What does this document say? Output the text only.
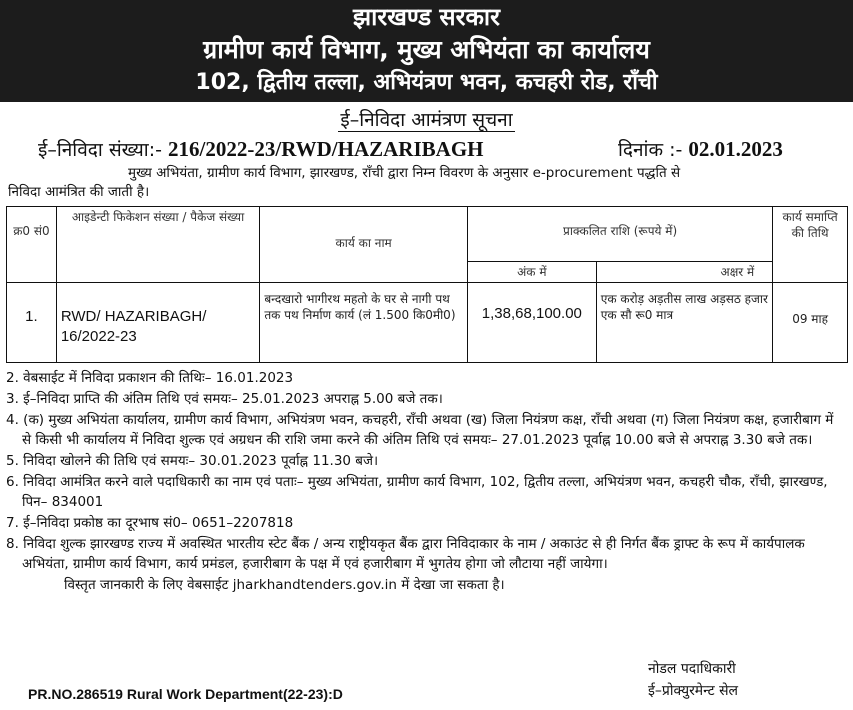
झारखण्ड सरकार
ग्रामीण कार्य विभाग, मुख्य अभियंता का कार्यालय
102, द्वितीय तल्ला, अभियंत्रण भवन, कचहरी रोड, राँची
ई–निविदा आमंत्रण सूचना
ई–निविदा संख्या:- 216/2022-23/RWD/HAZARIBAGH	दिनांक :- 02.01.2023
मुख्य अभियंता, ग्रामीण कार्य विभाग, झारखण्ड, राँची द्वारा निम्न विवरण के अनुसार e-procurement पद्धति से
निविदा आमंत्रित की जाती है।
क्र0 सं0	आइडेन्टी फिकेशन संख्या / पैकेज संख्या	कार्य का नाम	प्राक्कलित राशि (रूपये में)		कार्य समाप्ति की तिथि
			अंक में	अक्षर में	

1.	RWD/ HAZARIBAGH/ 16/2022-23	बन्दखारो भागीरथ महतो के घर से नागी पथ तक पथ निर्माण कार्य (लं 1.500 कि0मी0)	1,38,68,100.00	एक करोड़ अड़तीस लाख अड़सठ हजार एक सौ रू0 मात्र	09 माह
2. वेबसाईट में निविदा प्रकाशन की तिथिः– 16.01.2023
3. ई–निविदा प्राप्ति की अंतिम तिथि एवं समयः– 25.01.2023 अपराह्न 5.00 बजे तक।
4. (क) मुख्य अभियंता कार्यालय, ग्रामीण कार्य विभाग, अभियंत्रण भवन, कचहरी, राँची अथवा (ख) जिला नियंत्रण कक्ष, राँची अथवा (ग) जिला नियंत्रण कक्ष, हजारीबाग में से किसी भी कार्यालय में निविदा शुल्क एवं अग्रधन की राशि जमा करने की अंतिम तिथि एवं समयः– 27.01.2023 पूर्वाह्न 10.00 बजे से अपराह्न 3.30 बजे तक।
5. निविदा खोलने की तिथि एवं समयः– 30.01.2023 पूर्वाह्न 11.30 बजे।
6. निविदा आमंत्रित करने वाले पदाधिकारी का नाम एवं पताः– मुख्य अभियंता, ग्रामीण कार्य विभाग, 102, द्वितीय तल्ला, अभियंत्रण भवन, कचहरी चौक, राँची, झारखण्ड, पिन– 834001
7. ई–निविदा प्रकोष्ठ का दूरभाष सं0– 0651–2207818
8. निविदा शुल्क झारखण्ड राज्य में अवस्थित भारतीय स्टेट बैंक / अन्य राष्ट्रीयकृत बैंक द्वारा निविदाकार के नाम / अकाउंट से ही निर्गत बैंक ड्राफ्ट के रूप में कार्यपालक अभियंता, ग्रामीण कार्य विभाग, कार्य प्रमंडल, हजारीबाग के पक्ष में एवं हजारीबाग में भुगतेय होगा जो लौटाया नहीं जायेगा।
विस्तृत जानकारी के लिए वेबसाईट jharkhandtenders.gov.in में देखा जा सकता है।
नोडल पदाधिकारी
ई–प्रोक्युरमेन्ट सेल
PR.NO.286519 Rural Work Department(22-23):D
